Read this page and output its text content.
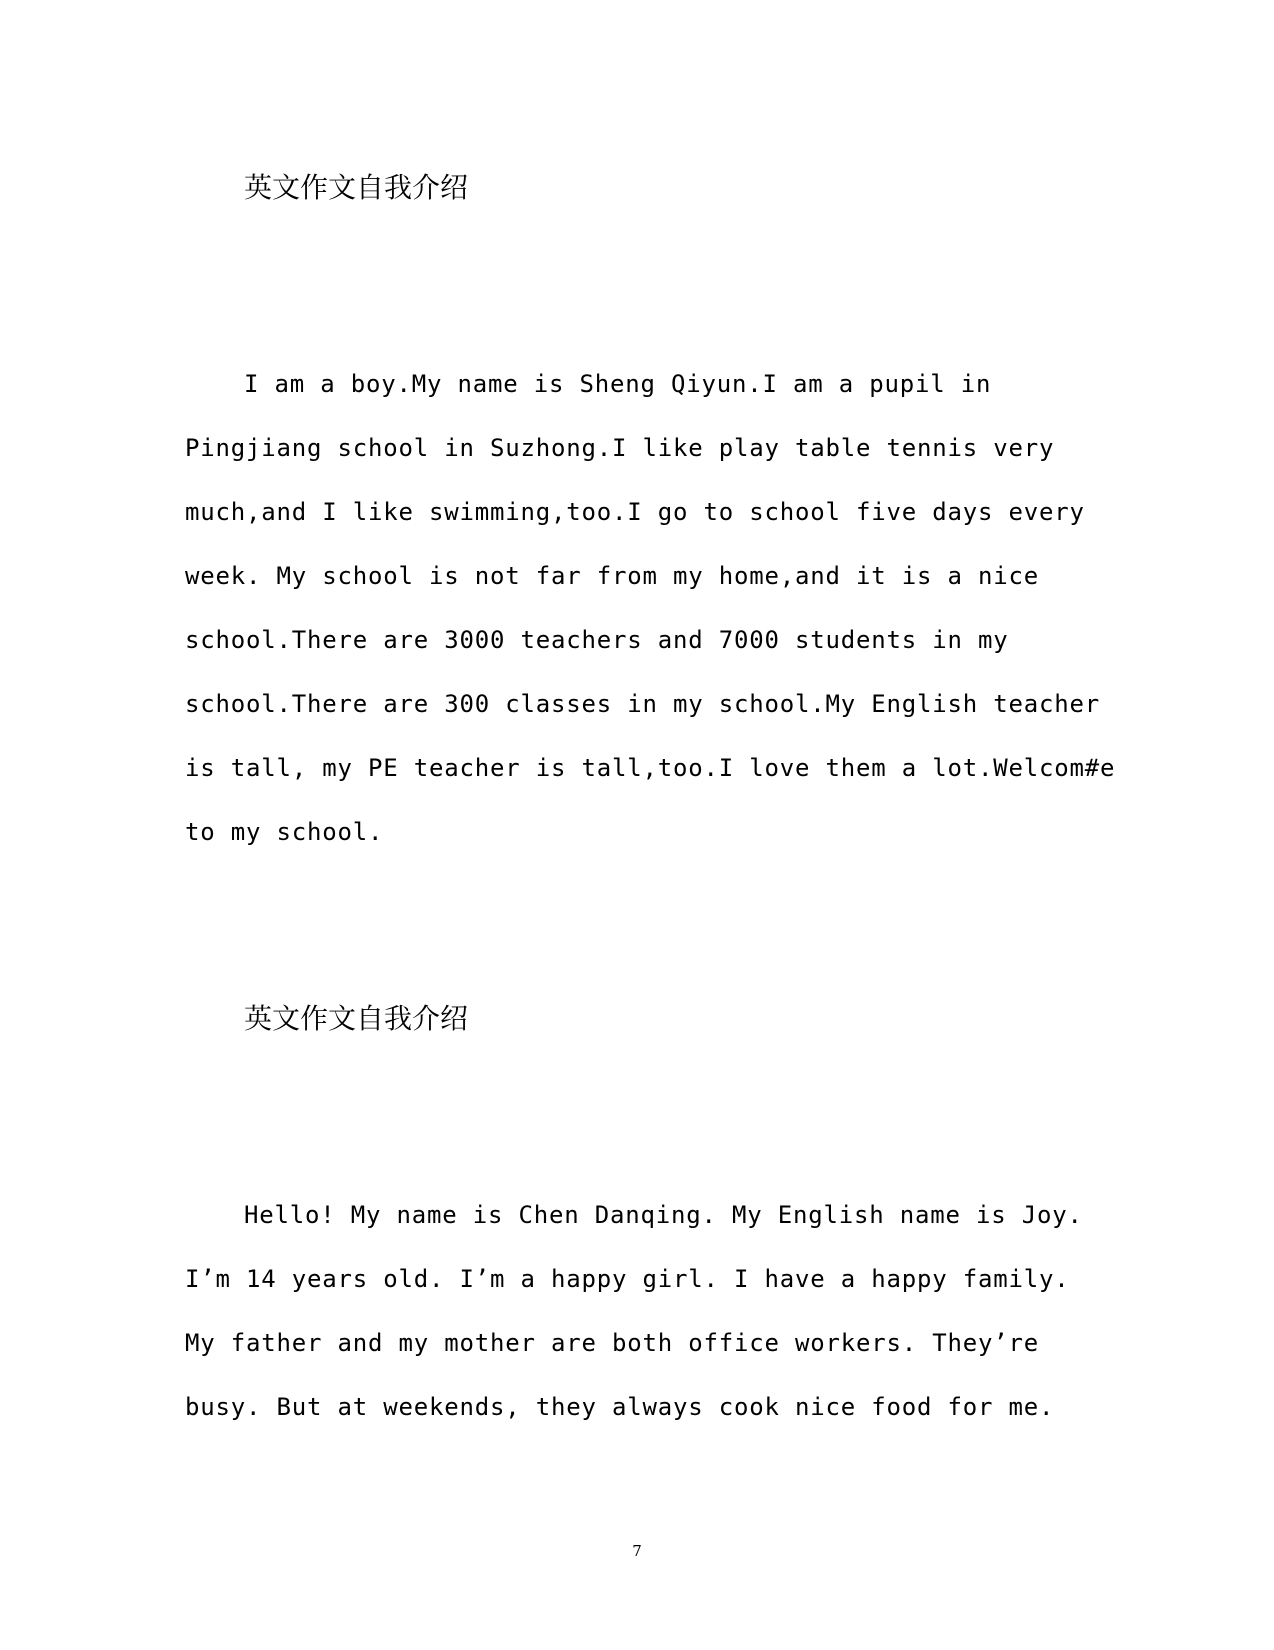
英文作文自我介绍
I am a boy.My name is Sheng Qiyun.I am a pupil in
Pingjiang school in Suzhong.I like play table tennis very
much,and I like swimming,too.I go to school five days every
week. My school is not far from my home,and it is a nice
school.There are 3000 teachers and 7000 students in my
school.There are 300 classes in my school.My English teacher
is tall, my PE teacher is tall,too.I love them a lot.Welcom#e
to my school.
英文作文自我介绍
Hello! My name is Chen Danqing. My English name is Joy.
I’m 14 years old. I’m a happy girl. I have a happy family.
My father and my mother are both office workers. They’re
busy. But at weekends, they always cook nice food for me.
7
